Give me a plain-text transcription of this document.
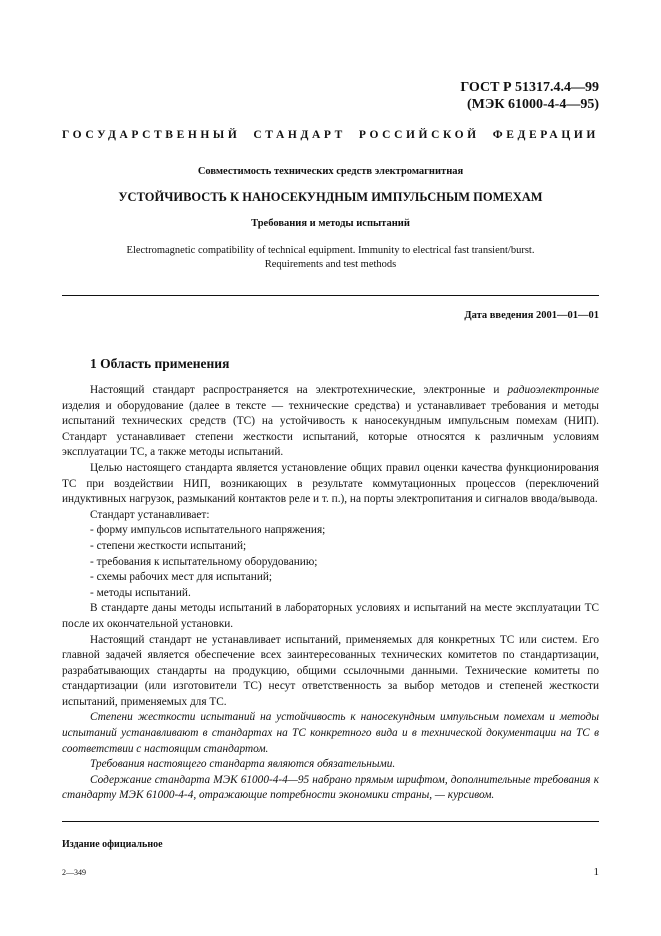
ГОСТ Р 51317.4.4—99
(МЭК 61000-4-4—95)
ГОСУДАРСТВЕННЫЙ СТАНДАРТ РОССИЙСКОЙ ФЕДЕРАЦИИ
Совместимость технических средств электромагнитная
УСТОЙЧИВОСТЬ К НАНОСЕКУНДНЫМ ИМПУЛЬСНЫМ ПОМЕХАМ
Требования и методы испытаний
Electromagnetic compatibility of technical equipment. Immunity to electrical fast transient/burst.
Requirements and test methods
Дата введения 2001—01—01
1 Область применения

Настоящий стандарт распространяется на электротехнические, электронные и радиоэлектронные изделия и оборудование (далее в тексте — технические средства) и устанавливает требования и методы испытаний технических средств (ТС) на устойчивость к наносекундным импульсным помехам (НИП). Стандарт устанавливает степени жесткости испытаний, которые относятся к различным условиям эксплуатации ТС, а также методы испытаний.

Целью настоящего стандарта является установление общих правил оценки качества функционирования ТС при воздействии НИП, возникающих в результате коммутационных процессов (переключений индуктивных нагрузок, размыканий контактов реле и т. п.), на порты электропитания и сигналов ввода/вывода.

Стандарт устанавливает:

- форму импульсов испытательного напряжения;

- степени жесткости испытаний;

- требования к испытательному оборудованию;

- схемы рабочих мест для испытаний;

- методы испытаний.

В стандарте даны методы испытаний в лабораторных условиях и испытаний на месте эксплуатации ТС после их окончательной установки.

Настоящий стандарт не устанавливает испытаний, применяемых для конкретных ТС или систем. Его главной задачей является обеспечение всех заинтересованных технических комитетов по стандартизации, разрабатывающих стандарты на продукцию, общими ссылочными данными. Технические комитеты по стандартизации (или изготовители ТС) несут ответственность за выбор методов и степеней жесткости испытаний, применяемых для ТС.

Степени жесткости испытаний на устойчивость к наносекундным импульсным помехам и методы испытаний устанавливают в стандартах на ТС конкретного вида и в технической документации на ТС в соответствии с настоящим стандартом.

Требования настоящего стандарта являются обязательными.

Содержание стандарта МЭК 61000-4-4—95 набрано прямым шрифтом, дополнительные требования к стандарту МЭК 61000-4-4, отражающие потребности экономики страны, — курсивом.

Издание официальное
2—349	1
